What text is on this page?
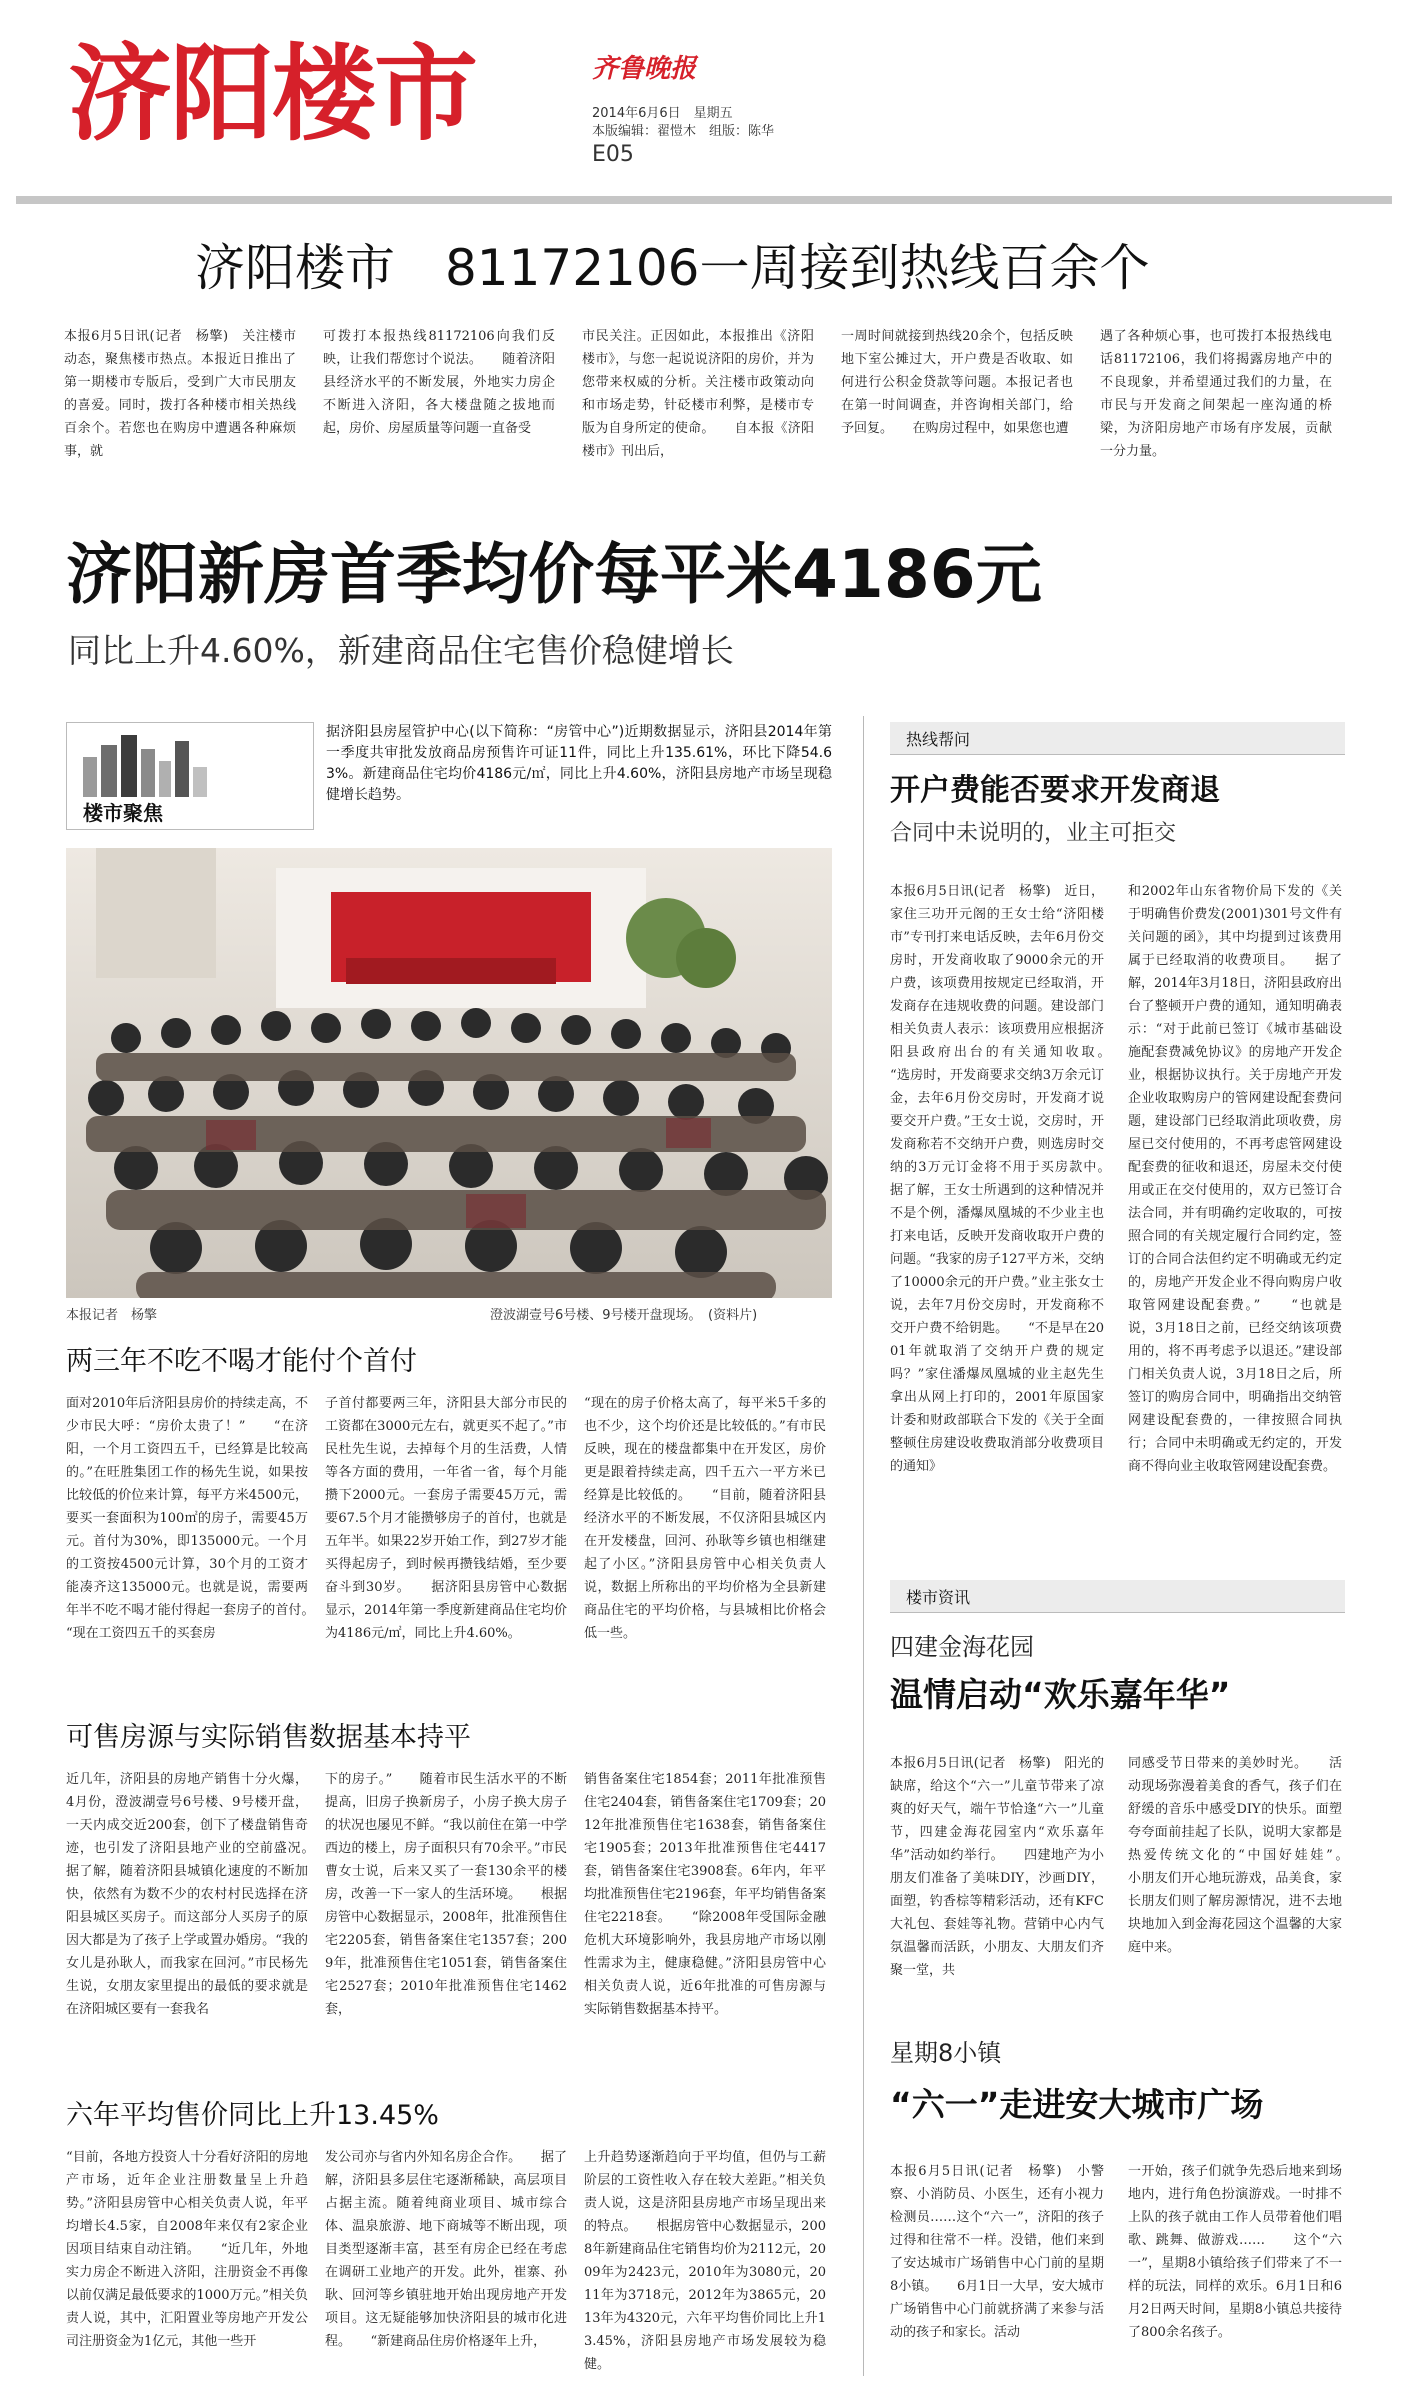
济阳楼市	齐鲁晚报
2014年6月6日　星期五
本版编辑：翟愷木　组版：陈华
E05
济阳楼市　81172106一周接到热线百余个
本报6月5日讯(记者　杨擎)　关注楼市动态，聚焦楼市热点。本报近日推出了第一期楼市专版后，受到广大市民朋友的喜爱。同时，拨打各种楼市相关热线百余个。若您也在购房中遭遇各种麻烦事，就
可拨打本报热线81172106向我们反映，让我们帮您讨个说法。　　随着济阳县经济水平的不断发展，外地实力房企不断进入济阳，各大楼盘随之拔地而起，房价、房屋质量等问题一直备受
市民关注。正因如此，本报推出《济阳楼市》，与您一起说说济阳的房价，并为您带来权威的分析。关注楼市政策动向和市场走势，针砭楼市利弊，是楼市专版为自身所定的使命。　　自本报《济阳楼市》刊出后，
一周时间就接到热线20余个，包括反映地下室公摊过大，开户费是否收取、如何进行公积金贷款等问题。本报记者也在第一时间调查，并咨询相关部门，给予回复。　　在购房过程中，如果您也遭
遇了各种烦心事，也可拨打本报热线电话81172106，我们将揭露房地产中的不良现象，并希望通过我们的力量，在市民与开发商之间架起一座沟通的桥梁，为济阳房地产市场有序发展，贡献一分力量。
济阳新房首季均价每平米4186元
同比上升4.60%，新建商品住宅售价稳健增长
楼市聚焦
据济阳县房屋管护中心(以下简称：“房管中心”)近期数据显示，济阳县2014年第一季度共审批发放商品房预售许可证11件，同比上升135.61%，环比下降54.63%。新建商品住宅均价4186元/㎡，同比上升4.60%，济阳县房地产市场呈现稳健增长趋势。
本报记者　杨擎	澄波湖壹号6号楼、9号楼开盘现场。　(资料片)
两三年不吃不喝才能付个首付
面对2010年后济阳县房价的持续走高，不少市民大呼：“房价太贵了！”　　“在济阳，一个月工资四五千，已经算是比较高的。”在旺胜集团工作的杨先生说，如果按比较低的价位来计算，每平方米4500元，要买一套面积为100㎡的房子，需要45万元。首付为30%，即135000元。一个月的工资按4500元计算，30个月的工资才能凑齐这135000元。也就是说，需要两年半不吃不喝才能付得起一套房子的首付。　　“现在工资四五千的买套房
子首付都要两三年，济阳县大部分市民的工资都在3000元左右，就更买不起了。”市民杜先生说，去掉每个月的生活费，人情等各方面的费用，一年省一省，每个月能攒下2000元。一套房子需要45万元，需要67.5个月才能攒够房子的首付，也就是五年半。如果22岁开始工作，到27岁才能买得起房子，到时候再攒钱结婚，至少要奋斗到30岁。　　据济阳县房管中心数据显示，2014年第一季度新建商品住宅均价为4186元/㎡，同比上升4.60%。
“现在的房子价格太高了，每平米5千多的也不少，这个均价还是比较低的。”有市民反映，现在的楼盘都集中在开发区，房价更是跟着持续走高，四千五六一平方米已经算是比较低的。　　“目前，随着济阳县经济水平的不断发展，不仅济阳县城区内在开发楼盘，回河、孙耿等乡镇也相继建起了小区。”济阳县房管中心相关负责人说，数据上所称出的平均价格为全县新建商品住宅的平均价格，与县城相比价格会低一些。
可售房源与实际销售数据基本持平
近几年，济阳县的房地产销售十分火爆，4月份，澄波湖壹号6号楼、9号楼开盘，一天内成交近200套，创下了楼盘销售奇迹，也引发了济阳县地产业的空前盛况。　　据了解，随着济阳县城镇化速度的不断加快，依然有为数不少的农村村民选择在济阳县城区买房子。而这部分人买房子的原因大都是为了孩子上学或置办婚房。“我的女儿是孙耿人，而我家在回河。”市民杨先生说，女朋友家里提出的最低的要求就是在济阳城区要有一套我名
下的房子。”　　随着市民生活水平的不断提高，旧房子换新房子，小房子换大房子的状况也屡见不鲜。“我以前住在第一中学西边的楼上，房子面积只有70余平。”市民曹女士说，后来又买了一套130余平的楼房，改善一下一家人的生活环境。　　根据房管中心数据显示，2008年，批准预售住宅2205套，销售备案住宅1357套；2009年，批准预售住宅1051套，销售备案住宅2527套；2010年批准预售住宅1462套，
销售备案住宅1854套；2011年批准预售住宅2404套，销售备案住宅1709套；2012年批准预售住宅1638套，销售备案住宅1905套；2013年批准预售住宅4417套，销售备案住宅3908套。6年内，年平均批准预售住宅2196套，年平均销售备案住宅2218套。　　“除2008年受国际金融危机大环境影响外，我县房地产市场以刚性需求为主，健康稳健。”济阳县房管中心相关负责人说，近6年批准的可售房源与实际销售数据基本持平。
六年平均售价同比上升13.45%
“目前，各地方投资人十分看好济阳的房地产市场，近年企业注册数量呈上升趋势。”济阳县房管中心相关负责人说，年平均增长4.5家，自2008年来仅有2家企业因项目结束自动注销。　　“近几年，外地实力房企不断进入济阳，注册资金不再像以前仅满足最低要求的1000万元。”相关负责人说，其中，汇阳置业等房地产开发公司注册资金为1亿元，其他一些开
发公司亦与省内外知名房企合作。　　据了解，济阳县多层住宅逐渐稀缺，高层项目占据主流。随着纯商业项目、城市综合体、温泉旅游、地下商城等不断出现，项目类型逐渐丰富，甚至有房企已经在考虑在调研工业地产的开发。此外，崔寨、孙耿、回河等乡镇驻地开始出现房地产开发项目。这无疑能够加快济阳县的城市化进程。　　“新建商品住房价格逐年上升，
上升趋势逐渐趋向于平均值，但仍与工薪阶层的工资性收入存在较大差距。”相关负责人说，这是济阳县房地产市场呈现出来的特点。　　根据房管中心数据显示，2008年新建商品住宅销售均价为2112元，2009年为2423元，2010年为3080元，2011年为3718元，2012年为3865元，2013年为4320元，六年平均售价同比上升13.45%，济阳县房地产市场发展较为稳健。
热线帮问
开户费能否要求开发商退
合同中未说明的，业主可拒交
本报6月5日讯(记者　杨擎)　近日，家住三功开元阁的王女士给“济阳楼市”专刊打来电话反映，去年6月份交房时，开发商收取了9000余元的开户费，该项费用按规定已经取消，开发商存在违规收费的问题。建设部门相关负责人表示：该项费用应根据济阳县政府出台的有关通知收取。　　“选房时，开发商要求交纳3万余元订金，去年6月份交房时，开发商才说要交开户费。”王女士说，交房时，开发商称若不交纳开户费，则选房时交纳的3万元订金将不用于买房款中。　　据了解，王女士所遇到的这种情况并不是个例，潘爆凤凰城的不少业主也打来电话，反映开发商收取开户费的问题。“我家的房子127平方米，交纳了10000余元的开户费。”业主张女士说，去年7月份交房时，开发商称不交开户费不给钥匙。　　“不是早在2001年就取消了交纳开户费的规定吗？”家住潘爆凤凰城的业主赵先生拿出从网上打印的，2001年原国家计委和财政部联合下发的《关于全面整顿住房建设收费取消部分收费项目的通知》
和2002年山东省物价局下发的《关于明确售价费发(2001)301号文件有关问题的函》，其中均提到过该费用属于已经取消的收费项目。　　据了解，2014年3月18日，济阳县政府出台了整顿开户费的通知，通知明确表示：“对于此前已签订《城市基础设施配套费减免协议》的房地产开发企业，根据协议执行。关于房地产开发企业收取购房户的管网建设配套费问题，建设部门已经取消此项收费，房屋已交付使用的，不再考虑管网建设配套费的征收和退还，房屋未交付使用或正在交付使用的，双方已签订合法合同，并有明确约定收取的，可按照合同的有关规定履行合同约定，签订的合同合法但约定不明确或无约定的，房地产开发企业不得向购房户收取管网建设配套费。”　　“也就是说，3月18日之前，已经交纳该项费用的，将不再考虑予以退还。”建设部门相关负责人说，3月18日之后，所签订的购房合同中，明确指出交纳管网建设配套费的，一律按照合同执行；合同中未明确或无约定的，开发商不得向业主收取管网建设配套费。
楼市资讯
四建金海花园
温情启动“欢乐嘉年华”
本报6月5日讯(记者　杨擎)　阳光的缺席，给这个“六一”儿童节带来了凉爽的好天气，端午节恰逢“六一”儿童节，四建金海花园室内“欢乐嘉年华”活动如约举行。　　四建地产为小朋友们准备了美味DIY，沙画DIY，面塑，钓香棕等精彩活动，还有KFC大礼包、套娃等礼物。营销中心内气氛温馨而活跃，小朋友、大朋友们齐聚一堂，共
同感受节日带来的美妙时光。　　活动现场弥漫着美食的香气，孩子们在舒缓的音乐中感受DIY的快乐。面塑夸夸面前挂起了长队，说明大家都是热爱传统文化的“中国好娃娃”。　　小朋友们开心地玩游戏，品美食，家长朋友们则了解房源情况，进不去地块地加入到金海花园这个温馨的大家庭中来。
星期8小镇
“六一”走进安大城市广场
本报6月5日讯(记者　杨擎)　小警察、小消防员、小医生，还有小视力检测员……这个“六一”，济阳的孩子过得和往常不一样。没错，他们来到了安达城市广场销售中心门前的星期8小镇。　　6月1日一大早，安大城市广场销售中心门前就挤满了来参与活动的孩子和家长。活动
一开始，孩子们就争先恐后地来到场地内，进行角色扮演游戏。一时排不上队的孩子就由工作人员带着他们唱歌、跳舞、做游戏……　　这个“六一”，星期8小镇给孩子们带来了不一样的玩法，同样的欢乐。6月1日和6月2日两天时间，星期8小镇总共接待了800余名孩子。
